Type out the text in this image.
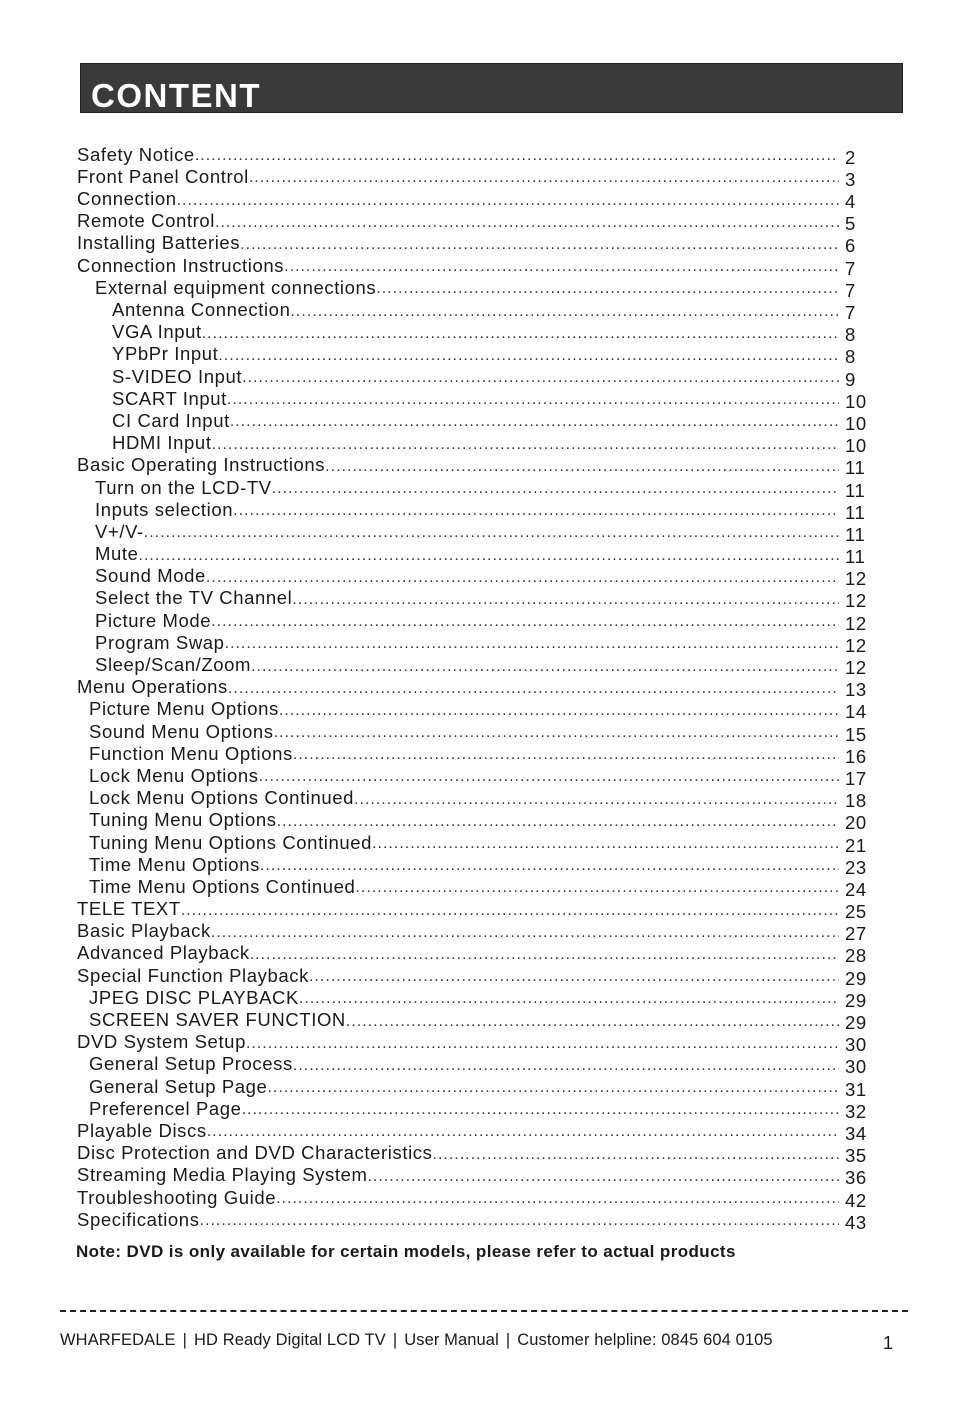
CONTENT
Safety Notice .....	2
Front Panel Control .....	3
Connection .....	4
Remote Control .....	5
Installing Batteries .....	6
Connection Instructions .....	7
External equipment connections .....	7
Antenna Connection .....	7
VGA Input .....	8
YPbPr Input .....	8
S-VIDEO Input .....	9
SCART Input .....	10
CI Card Input .....	10
HDMI Input .....	10
Basic Operating Instructions .....	11
Turn on the LCD-TV .....	11
Inputs selection .....	11
V+/V- .....	11
Mute .....	11
Sound Mode .....	12
Select the TV Channel .....	12
Picture Mode .....	12
Program Swap .....	12
Sleep/Scan/Zoom .....	12
Menu Operations .....	13
Picture Menu Options .....	14
Sound Menu Options .....	15
Function Menu Options .....	16
Lock Menu Options .....	17
Lock Menu Options Continued .....	18
Tuning Menu Options .....	20
Tuning Menu Options Continued .....	21
Time Menu Options .....	23
Time Menu Options Continued .....	24
TELE TEXT .....	25
Basic Playback .....	27
Advanced Playback .....	28
Special Function Playback .....	29
JPEG DISC PLAYBACK .....	29
SCREEN SAVER FUNCTION .....	29
DVD System Setup .....	30
General Setup Process .....	30
General Setup Page .....	31
Preferencel Page .....	32
Playable Discs .....	34
Disc Protection and DVD Characteristics .....	35
Streaming Media Playing System .....	36
Troubleshooting Guide .....	42
Specifications .....	43
Note: DVD is only available for certain models, please refer to actual products
WHARFEDALE | HD Ready Digital LCD TV | User Manual | Customer helpline: 0845 604 0105	1
